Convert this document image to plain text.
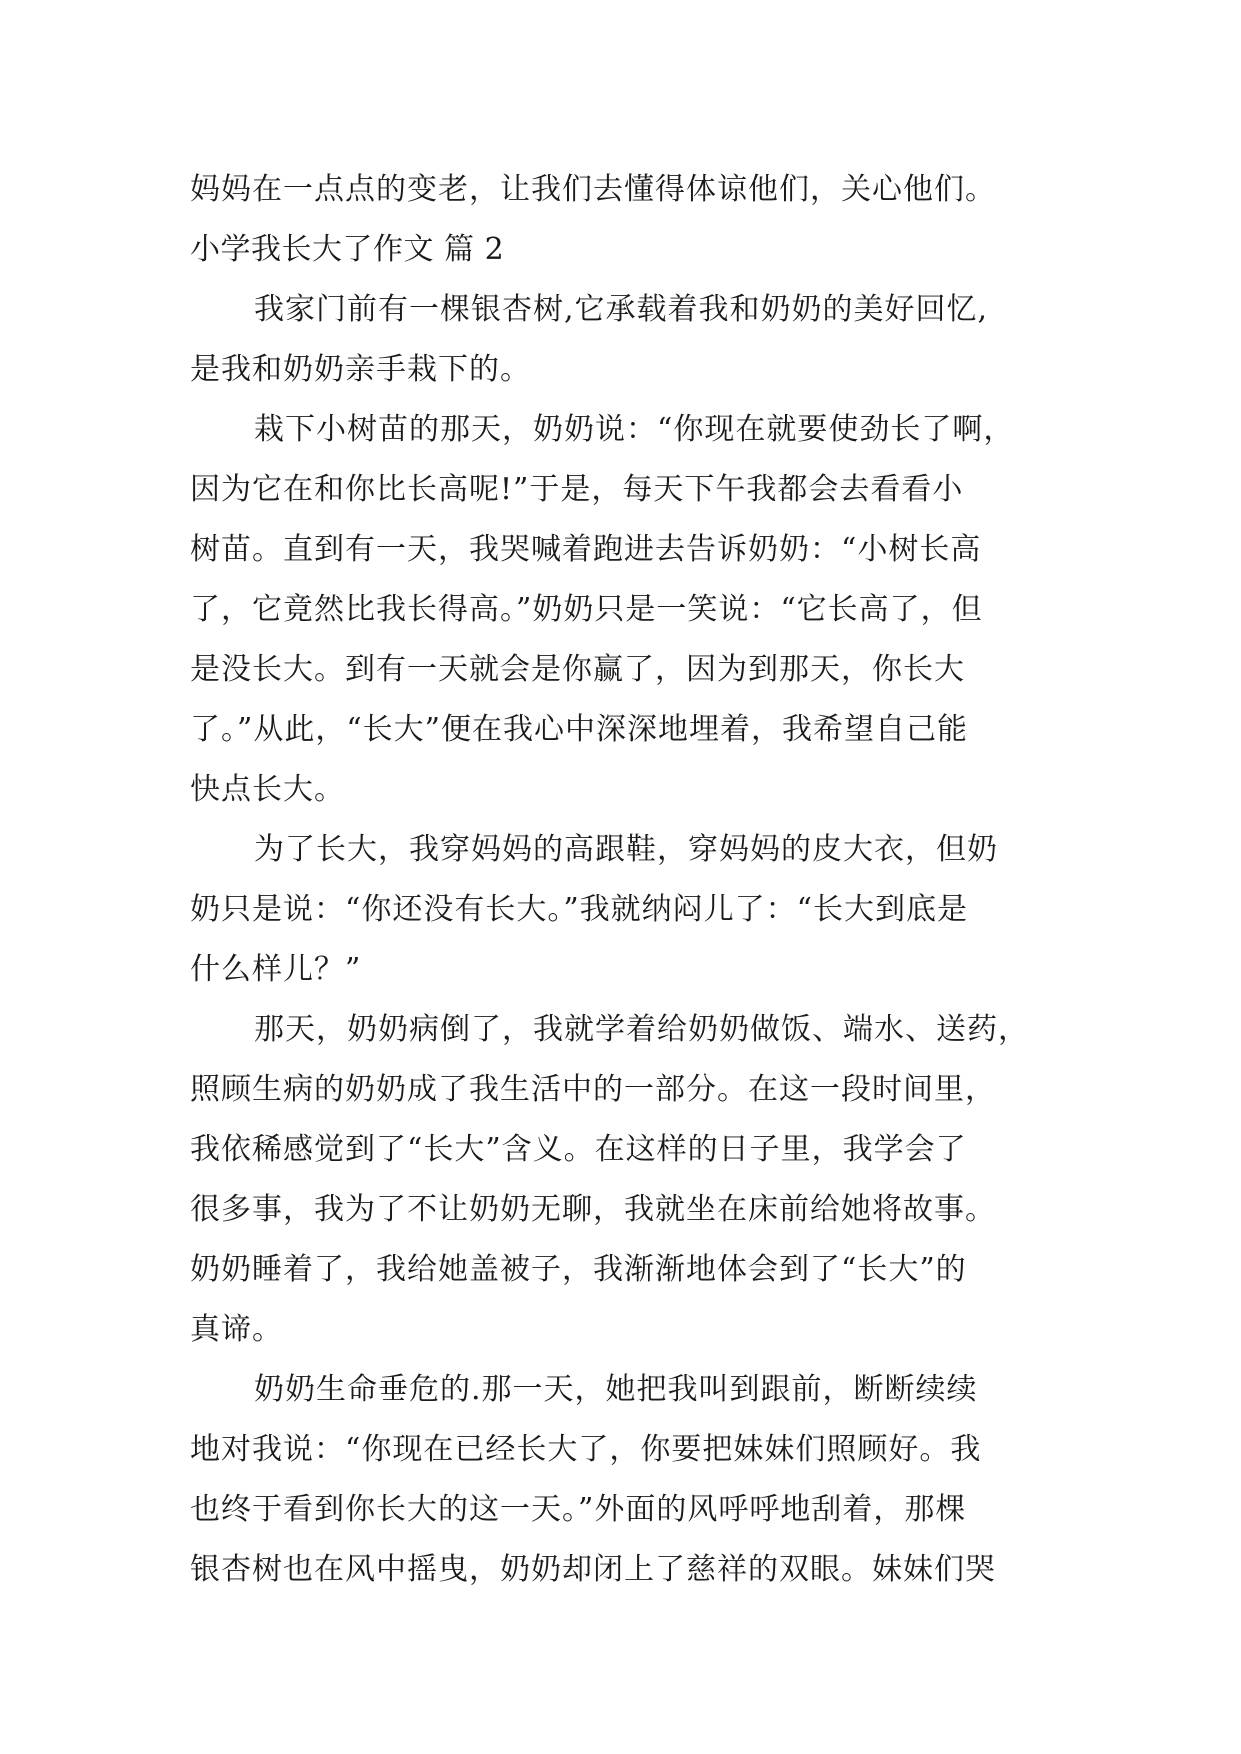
妈妈在一点点的变老，让我们去懂得体谅他们，关心他们。
小学我长大了作文 篇 2
我家门前有一棵银杏树,它承载着我和奶奶的美好回忆,
是我和奶奶亲手栽下的。
栽下小树苗的那天，奶奶说：“你现在就要使劲长了啊，
因为它在和你比长高呢!”于是，每天下午我都会去看看小
树苗。直到有一天，我哭喊着跑进去告诉奶奶：“小树长高
了，它竟然比我长得高。”奶奶只是一笑说：“它长高了，但
是没长大。到有一天就会是你赢了，因为到那天，你长大
了。”从此，“长大”便在我心中深深地埋着，我希望自己能
快点长大。
为了长大，我穿妈妈的高跟鞋，穿妈妈的皮大衣，但奶
奶只是说：“你还没有长大。”我就纳闷儿了：“长大到底是
什么样儿？”
那天，奶奶病倒了，我就学着给奶奶做饭、端水、送药，
照顾生病的奶奶成了我生活中的一部分。在这一段时间里，
我依稀感觉到了“长大”含义。在这样的日子里，我学会了
很多事，我为了不让奶奶无聊，我就坐在床前给她将故事。
奶奶睡着了，我给她盖被子，我渐渐地体会到了“长大”的
真谛。
奶奶生命垂危的.那一天，她把我叫到跟前，断断续续
地对我说：“你现在已经长大了，你要把妹妹们照顾好。我
也终于看到你长大的这一天。”外面的风呼呼地刮着，那棵
银杏树也在风中摇曳，奶奶却闭上了慈祥的双眼。妹妹们哭
